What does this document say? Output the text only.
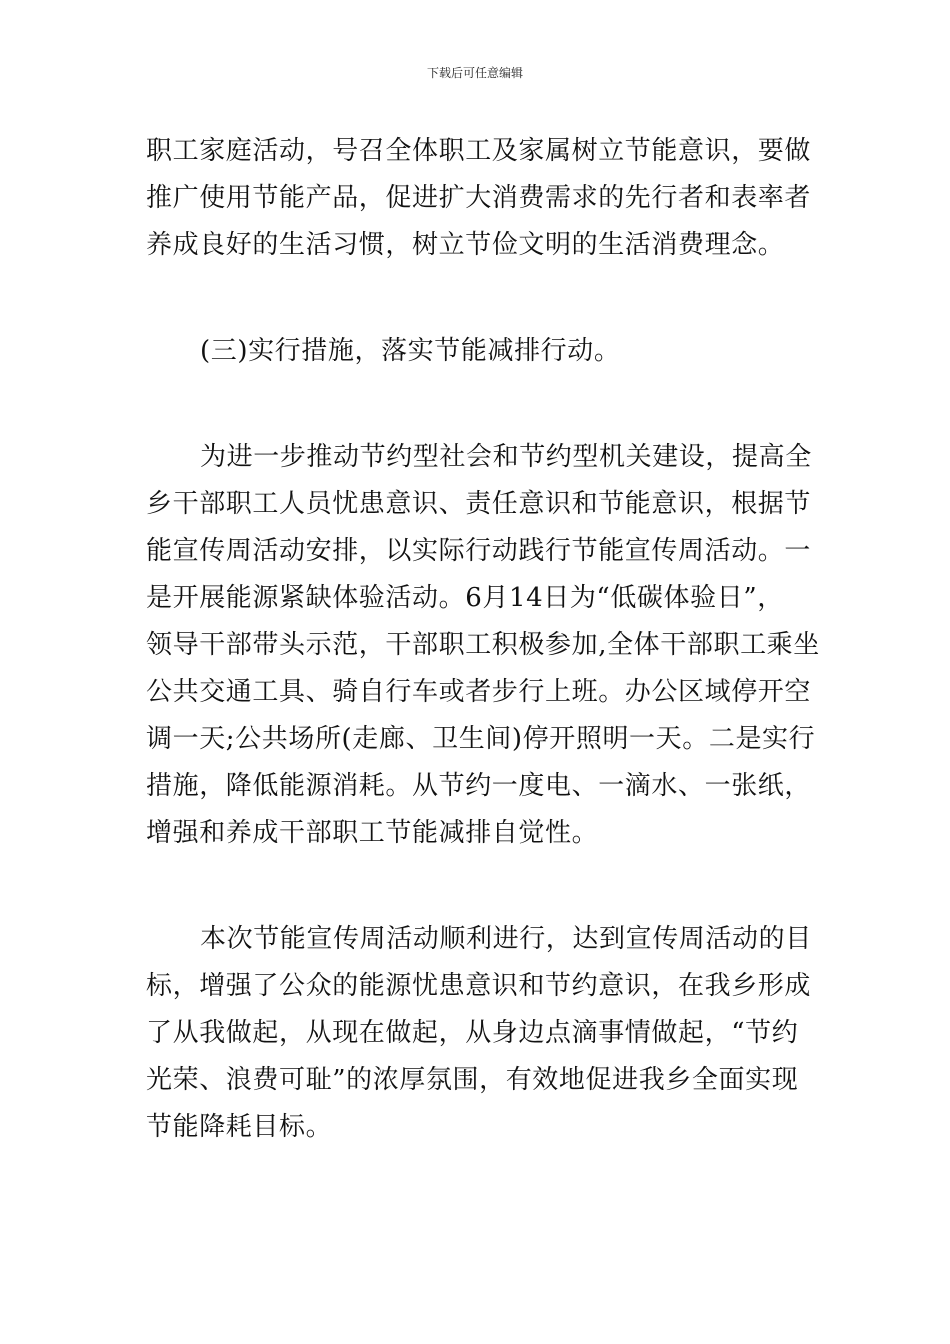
下载后可任意编辑

职工家庭活动，号召全体职工及家属树立节能意识，要做
推广使用节能产品，促进扩大消费需求的先行者和表率者
养成良好的生活习惯，树立节俭文明的生活消费理念。

(三)实行措施，落实节能减排行动。

为进一步推动节约型社会和节约型机关建设，提高全
乡干部职工人员忧患意识、责任意识和节能意识，根据节
能宣传周活动安排，以实际行动践行节能宣传周活动。一
是开展能源紧缺体验活动。6月14日为“低碳体验日”，
领导干部带头示范，干部职工积极参加,全体干部职工乘坐
公共交通工具、骑自行车或者步行上班。办公区域停开空
调一天;公共场所(走廊、卫生间)停开照明一天。二是实行
措施，降低能源消耗。从节约一度电、一滴水、一张纸，
增强和养成干部职工节能减排自觉性。

本次节能宣传周活动顺利进行，达到宣传周活动的目
标，增强了公众的能源忧患意识和节约意识，在我乡形成
了从我做起，从现在做起，从身边点滴事情做起，“节约
光荣、浪费可耻”的浓厚氛围，有效地促进我乡全面实现
节能降耗目标。
